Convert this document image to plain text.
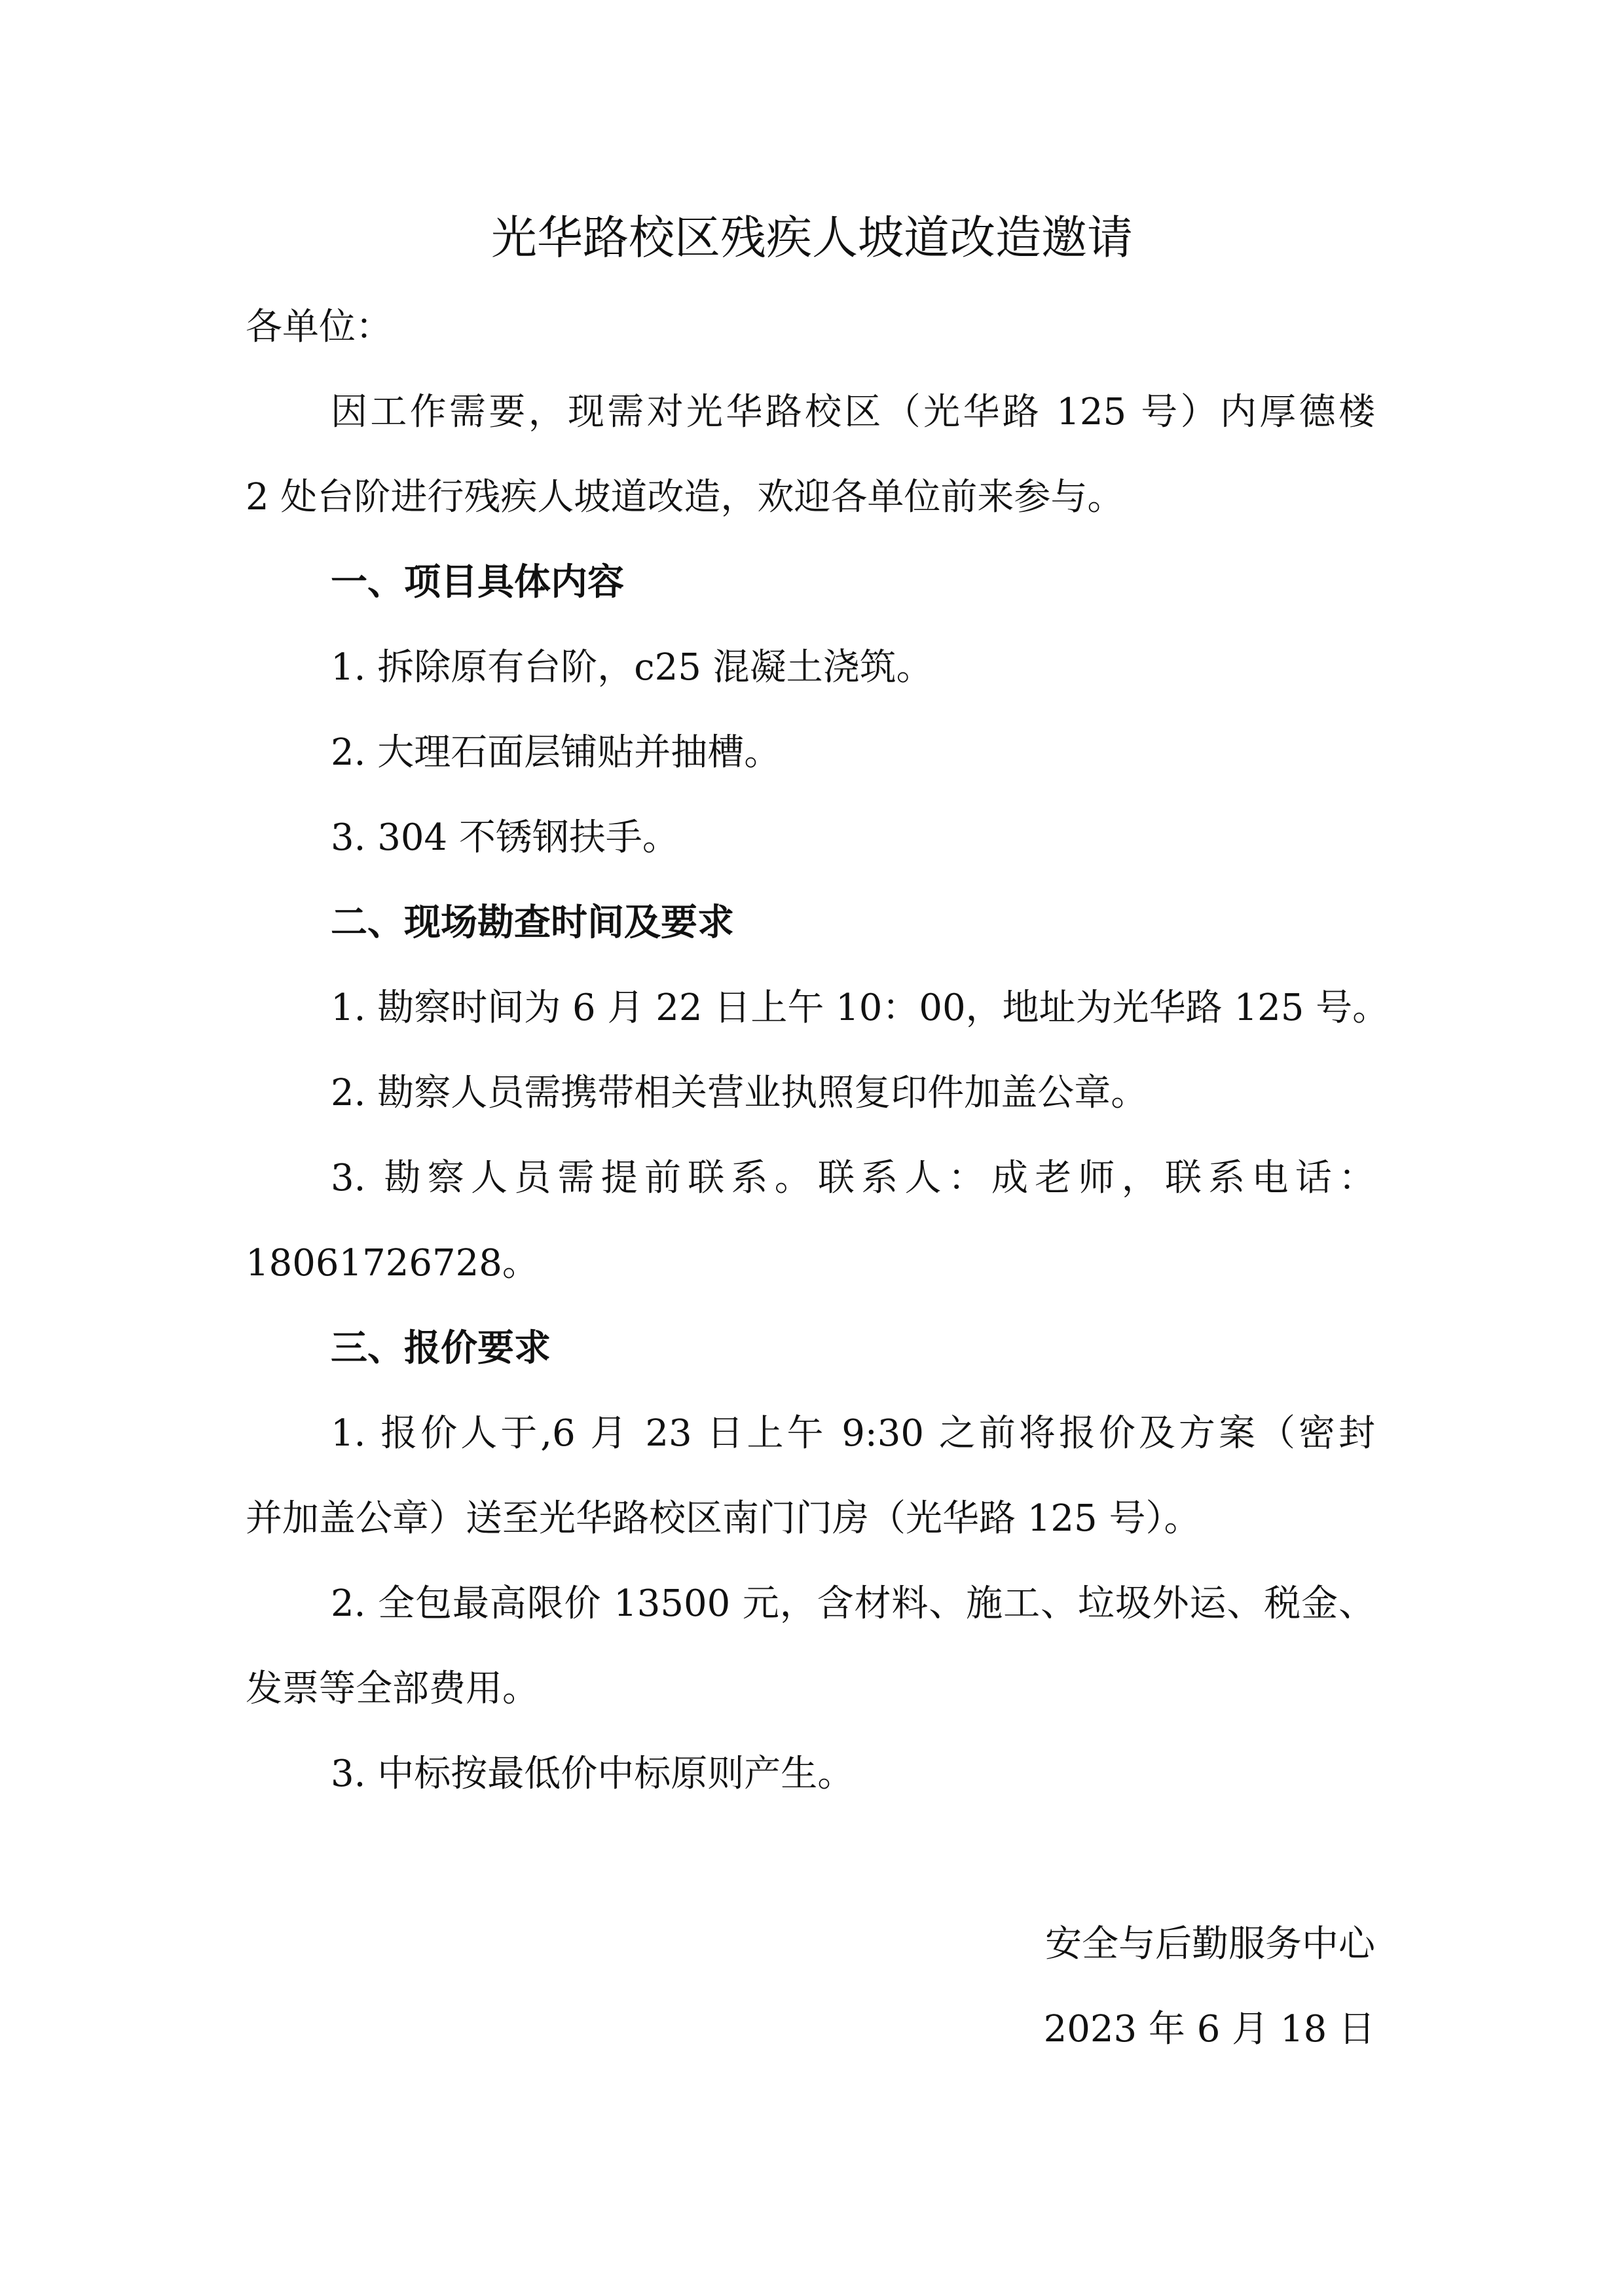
光华路校区残疾人坡道改造邀请
各单位：
因工作需要，现需对光华路校区（光华路 125 号）内厚德楼
2 处台阶进行残疾人坡道改造，欢迎各单位前来参与。
一、项目具体内容
1. 拆除原有台阶，c25 混凝土浇筑。
2. 大理石面层铺贴并抽槽。
3. 304 不锈钢扶手。
二、现场勘查时间及要求
1. 勘察时间为 6 月 22 日上午 10：00，地址为光华路 125 号。
2. 勘察人员需携带相关营业执照复印件加盖公章。
3. 勘察人员需提前联系。联系人：成老师，联系电话：
18061726728。
三、报价要求
1. 报价人于,6 月 23 日上午 9:30 之前将报价及方案（密封
并加盖公章）送至光华路校区南门门房（光华路 125 号）。
2. 全包最高限价 13500 元，含材料、施工、垃圾外运、税金、
发票等全部费用。
3. 中标按最低价中标原则产生。
安全与后勤服务中心
2023 年 6 月 18 日
